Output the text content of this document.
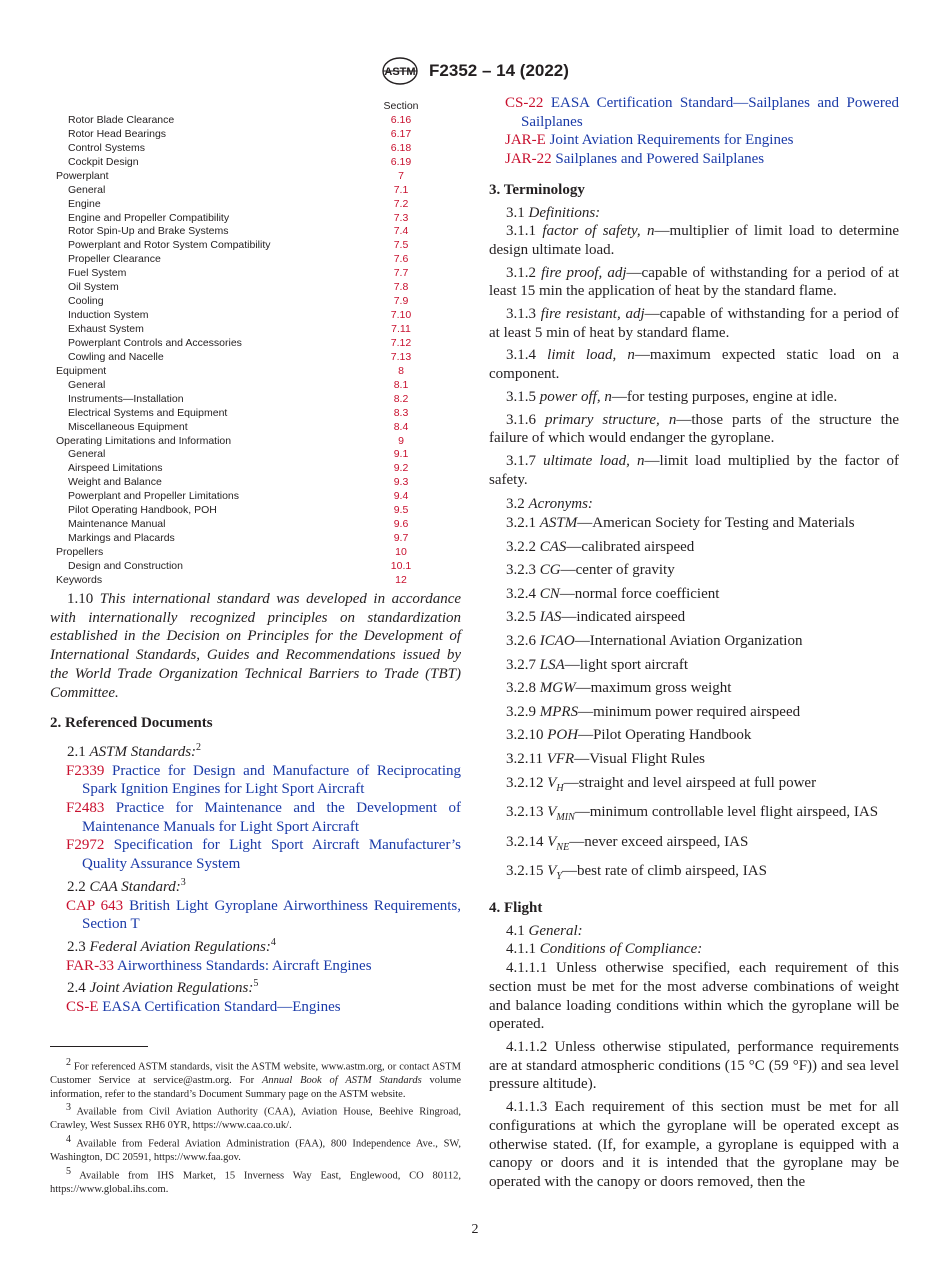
ASTM F2352 – 14 (2022)
Section
Rotor Blade Clearance	6.16
Rotor Head Bearings	6.17
Control Systems	6.18
Cockpit Design	6.19
Powerplant	7
General	7.1
Engine	7.2
Engine and Propeller Compatibility	7.3
Rotor Spin-Up and Brake Systems	7.4
Powerplant and Rotor System Compatibility	7.5
Propeller Clearance	7.6
Fuel System	7.7
Oil System	7.8
Cooling	7.9
Induction System	7.10
Exhaust System	7.11
Powerplant Controls and Accessories	7.12
Cowling and Nacelle	7.13
Equipment	8
General	8.1
Instruments—Installation	8.2
Electrical Systems and Equipment	8.3
Miscellaneous Equipment	8.4
Operating Limitations and Information	9
General	9.1
Airspeed Limitations	9.2
Weight and Balance	9.3
Powerplant and Propeller Limitations	9.4
Pilot Operating Handbook, POH	9.5
Maintenance Manual	9.6
Markings and Placards	9.7
Propellers	10
Design and Construction	10.1
Keywords	12

1.10 This international standard was developed in accordance with internationally recognized principles on standardization established in the Decision on Principles for the Development of International Standards, Guides and Recommendations issued by the World Trade Organization Technical Barriers to Trade (TBT) Committee.

2. Referenced Documents

2.1 ASTM Standards:$^2$

F2339 Practice for Design and Manufacture of Reciprocating Spark Ignition Engines for Light Sport Aircraft

F2483 Practice for Maintenance and the Development of Maintenance Manuals for Light Sport Aircraft

F2972 Specification for Light Sport Aircraft Manufacturer’s Quality Assurance System

2.2 CAA Standard:$^3$

CAP 643 British Light Gyroplane Airworthiness Requirements, Section T

2.3 Federal Aviation Regulations:$^4$

FAR-33 Airworthiness Standards: Aircraft Engines

2.4 Joint Aviation Regulations:$^5$

CS-E EASA Certification Standard—Engines

$^2$ For referenced ASTM standards, visit the ASTM website, www.astm.org, or contact ASTM Customer Service at service@astm.org. For Annual Book of ASTM Standards volume information, refer to the standard’s Document Summary page on the ASTM website.

$^3$ Available from Civil Aviation Authority (CAA), Aviation House, Beehive Ringroad, Crawley, West Sussex RH6 0YR, https://www.caa.co.uk/.

$^4$ Available from Federal Aviation Administration (FAA), 800 Independence Ave., SW, Washington, DC 20591, https://www.faa.gov.

$^5$ Available from IHS Market, 15 Inverness Way East, Englewood, CO 80112, https://www.global.ihs.com.

CS-22 EASA Certification Standard—Sailplanes and Powered Sailplanes

JAR-E Joint Aviation Requirements for Engines

JAR-22 Sailplanes and Powered Sailplanes

3. Terminology

3.1 Definitions:

3.1.1 factor of safety, n—multiplier of limit load to determine design ultimate load.

3.1.2 fire proof, adj—capable of withstanding for a period of at least 15 min the application of heat by the standard flame.

3.1.3 fire resistant, adj—capable of withstanding for a period of at least 5 min of heat by standard flame.

3.1.4 limit load, n—maximum expected static load on a component.

3.1.5 power off, n—for testing purposes, engine at idle.

3.1.6 primary structure, n—those parts of the structure the failure of which would endanger the gyroplane.

3.1.7 ultimate load, n—limit load multiplied by the factor of safety.

3.2 Acronyms:

3.2.1 ASTM—American Society for Testing and Materials

3.2.2 CAS—calibrated airspeed

3.2.3 CG—center of gravity

3.2.4 CN—normal force coefficient

3.2.5 IAS—indicated airspeed

3.2.6 ICAO—International Aviation Organization

3.2.7 LSA—light sport aircraft

3.2.8 MGW—maximum gross weight

3.2.9 MPRS—minimum power required airspeed

3.2.10 POH—Pilot Operating Handbook

3.2.11 VFR—Visual Flight Rules

3.2.12 $V_H—straight$ and level airspeed at full power

3.2.13 $V_{MIN}—minimum$ controllable level flight airspeed, IAS

3.2.14 $V_{NE}—never$ exceed airspeed, IAS

3.2.15 $V_Y—best$ rate of climb airspeed, IAS

4. Flight

4.1 General:

4.1.1 Conditions of Compliance:

4.1.1.1 Unless otherwise specified, each requirement of this section must be met for the most adverse combinations of weight and balance loading conditions within which the gyroplane will be operated.

4.1.1.2 Unless otherwise stipulated, performance requirements are at standard atmospheric conditions (15 °C (59 °F)) and sea level pressure altitude).

4.1.1.3 Each requirement of this section must be met for all configurations at which the gyroplane will be operated except as otherwise stated. (If, for example, a gyroplane is equipped with a canopy or doors and it is intended that the gyroplane may be operated with the canopy or doors removed, then the

2
